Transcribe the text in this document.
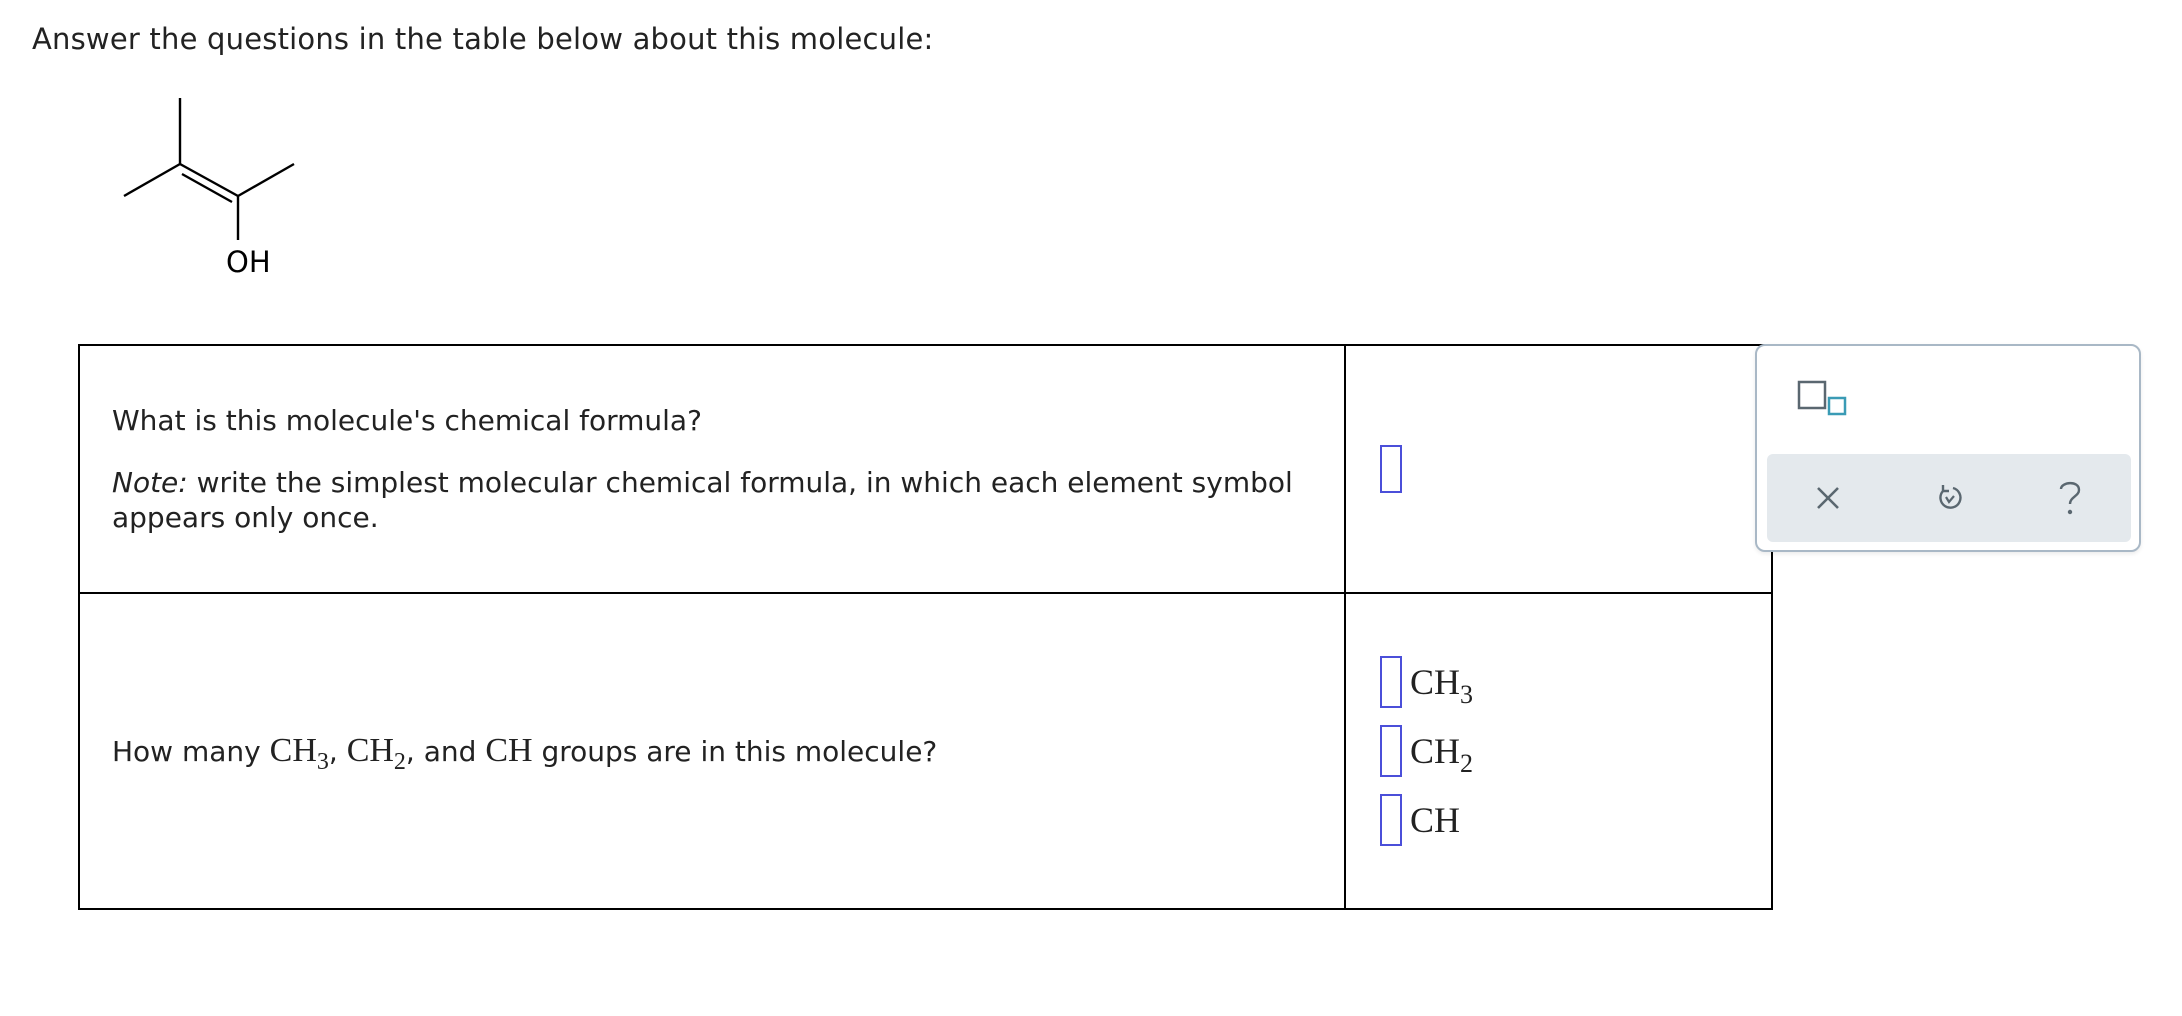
Answer the questions in the table below about this molecule:
OH

What is this molecule's chemical formula?

Note: write the simplest molecular chemical formula, in which each element symbol appears only once.	

How many $CH_3$, $CH_2$, and CH groups are in this molecule?	$CH_3$
$CH_2$
CH
